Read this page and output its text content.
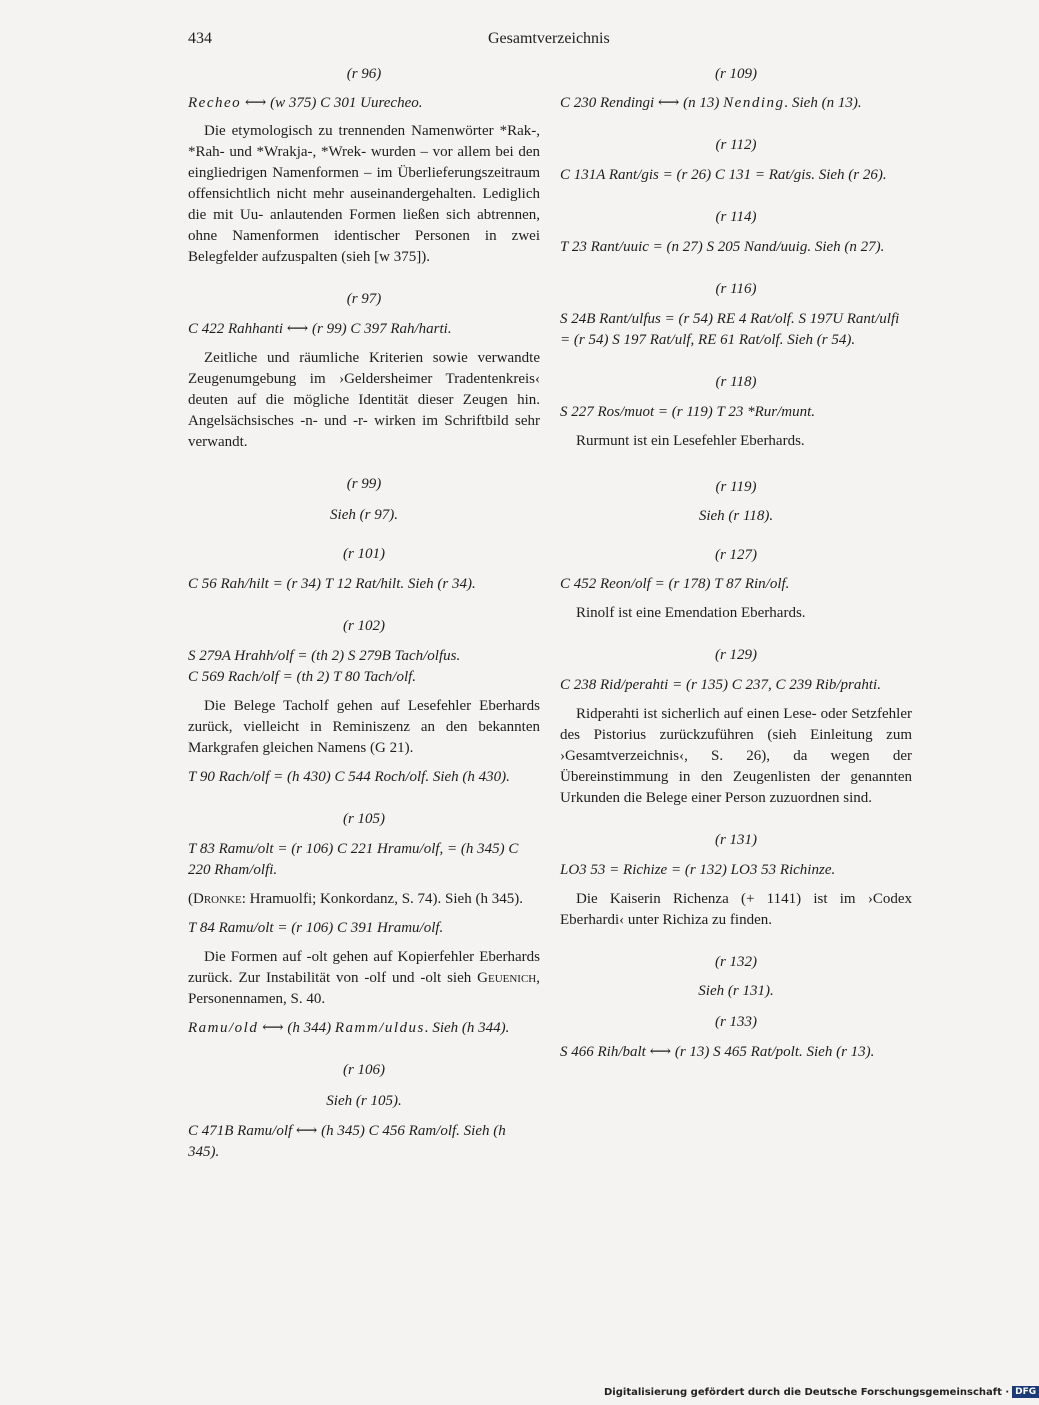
434	Gesamtverzeichnis

(r 96)

Recheo ⟷ (w 375) C 301 Uurecheo.

Die etymologisch zu trennenden Namenwörter *Rak-, *Rah- und *Wrakja-, *Wrek- wurden – vor allem bei den eingliedrigen Namenformen – im Überlieferungszeitraum offensichtlich nicht mehr auseinandergehalten. Lediglich die mit Uu- anlautenden Formen ließen sich abtrennen, ohne Namenformen identischer Personen in zwei Belegfelder aufzuspalten (sieh [w 375]).

(r 97)

C 422 Rahhanti ⟷ (r 99) C 397 Rah/harti.

Zeitliche und räumliche Kriterien sowie verwandte Zeugenumgebung im ›Geldersheimer Tradentenkreis‹ deuten auf die mögliche Identität dieser Zeugen hin. Angelsächsisches -n- und -r- wirken im Schriftbild sehr verwandt.

(r 99)

Sieh (r 97).

(r 101)

C 56 Rah/hilt = (r 34) T 12 Rat/hilt. Sieh (r 34).

(r 102)

S 279A Hrahh/olf = (th 2) S 279B Tach/olfus.

C 569 Rach/olf = (th 2) T 80 Tach/olf.

Die Belege Tacholf gehen auf Lesefehler Eberhards zurück, vielleicht in Reminiszenz an den bekannten Markgrafen gleichen Namens (G 21).

T 90 Rach/olf = (h 430) C 544 Roch/olf. Sieh (h 430).

(r 105)

T 83 Ramu/olt = (r 106) C 221 Hramu/olf, = (h 345) C 220 Rham/olfi.

(Dronke: Hramuolfi; Konkordanz, S. 74). Sieh (h 345).

T 84 Ramu/olt = (r 106) C 391 Hramu/olf.

Die Formen auf -olt gehen auf Kopierfehler Eberhards zurück. Zur Instabilität von -olf und -olt sieh Geuenich, Personennamen, S. 40.

Ramu/old ⟷ (h 344) Ramm/uldus. Sieh (h 344).

(r 106)

Sieh (r 105).

C 471B Ramu/olf ⟷ (h 345) C 456 Ram/olf. Sieh (h 345).

(r 109)

C 230 Rendingi ⟷ (n 13) Nending. Sieh (n 13).

(r 112)

C 131A Rant/gis = (r 26) C 131 = Rat/gis. Sieh (r 26).

(r 114)

T 23 Rant/uuic = (n 27) S 205 Nand/uuig. Sieh (n 27).

(r 116)

S 24B Rant/ulfus = (r 54) RE 4 Rat/olf. S 197U Rant/ulfi = (r 54) S 197 Rat/ulf, RE 61 Rat/olf. Sieh (r 54).

(r 118)

S 227 Ros/muot = (r 119) T 23 *Rur/munt.

Rurmunt ist ein Lesefehler Eberhards.

(r 119)

Sieh (r 118).

(r 127)

C 452 Reon/olf = (r 178) T 87 Rin/olf.

Rinolf ist eine Emendation Eberhards.

(r 129)

C 238 Rid/perahti = (r 135) C 237, C 239 Rib/prahti.

Ridperahti ist sicherlich auf einen Lese- oder Setzfehler des Pistorius zurückzuführen (sieh Einleitung zum ›Gesamtverzeichnis‹, S. 26), da wegen der Übereinstimmung in den Zeugenlisten der genannten Urkunden die Belege einer Person zuzuordnen sind.

(r 131)

LO3 53 = Richize = (r 132) LO3 53 Richinze.

Die Kaiserin Richenza (+ 1141) ist im ›Codex Eberhardi‹ unter Richiza zu finden.

(r 132)

Sieh (r 131).

(r 133)

S 466 Rih/balt ⟷ (r 13) S 465 Rat/polt. Sieh (r 13).

Digitalisierung gefördert durch die Deutsche Forschungsgemeinschaft · DFG
